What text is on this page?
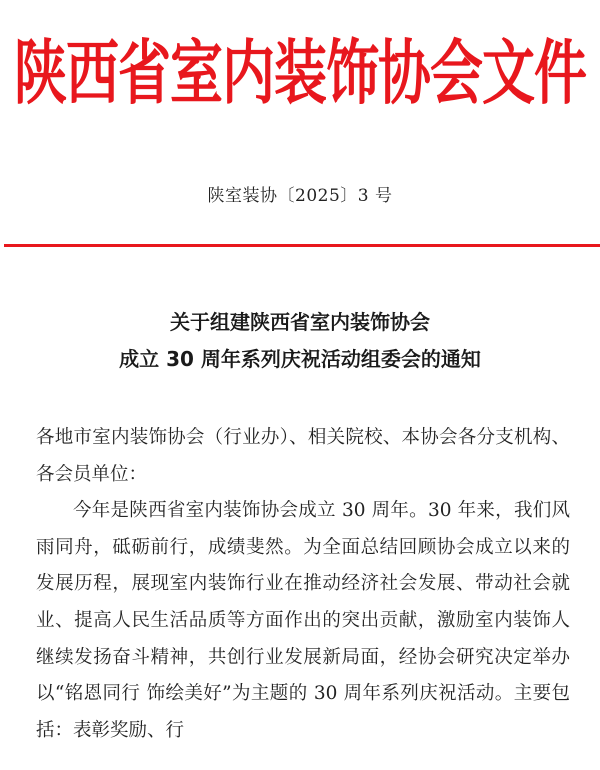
陕西省室内装饰协会文件
陕室装协〔2025〕3 号
关于组建陕西省室内装饰协会
成立 30 周年系列庆祝活动组委会的通知

各地市室内装饰协会（行业办）、相关院校、本协会各分支机构、各会员单位：

今年是陕西省室内装饰协会成立 30 周年。30 年来，我们风雨同舟，砥砺前行，成绩斐然。为全面总结回顾协会成立以来的发展历程，展现室内装饰行业在推动经济社会发展、带动社会就业、提高人民生活品质等方面作出的突出贡献，激励室内装饰人继续发扬奋斗精神，共创行业发展新局面，经协会研究决定举办以“铭恩同行 饰绘美好”为主题的 30 周年系列庆祝活动。主要包括：表彰奖励、行
